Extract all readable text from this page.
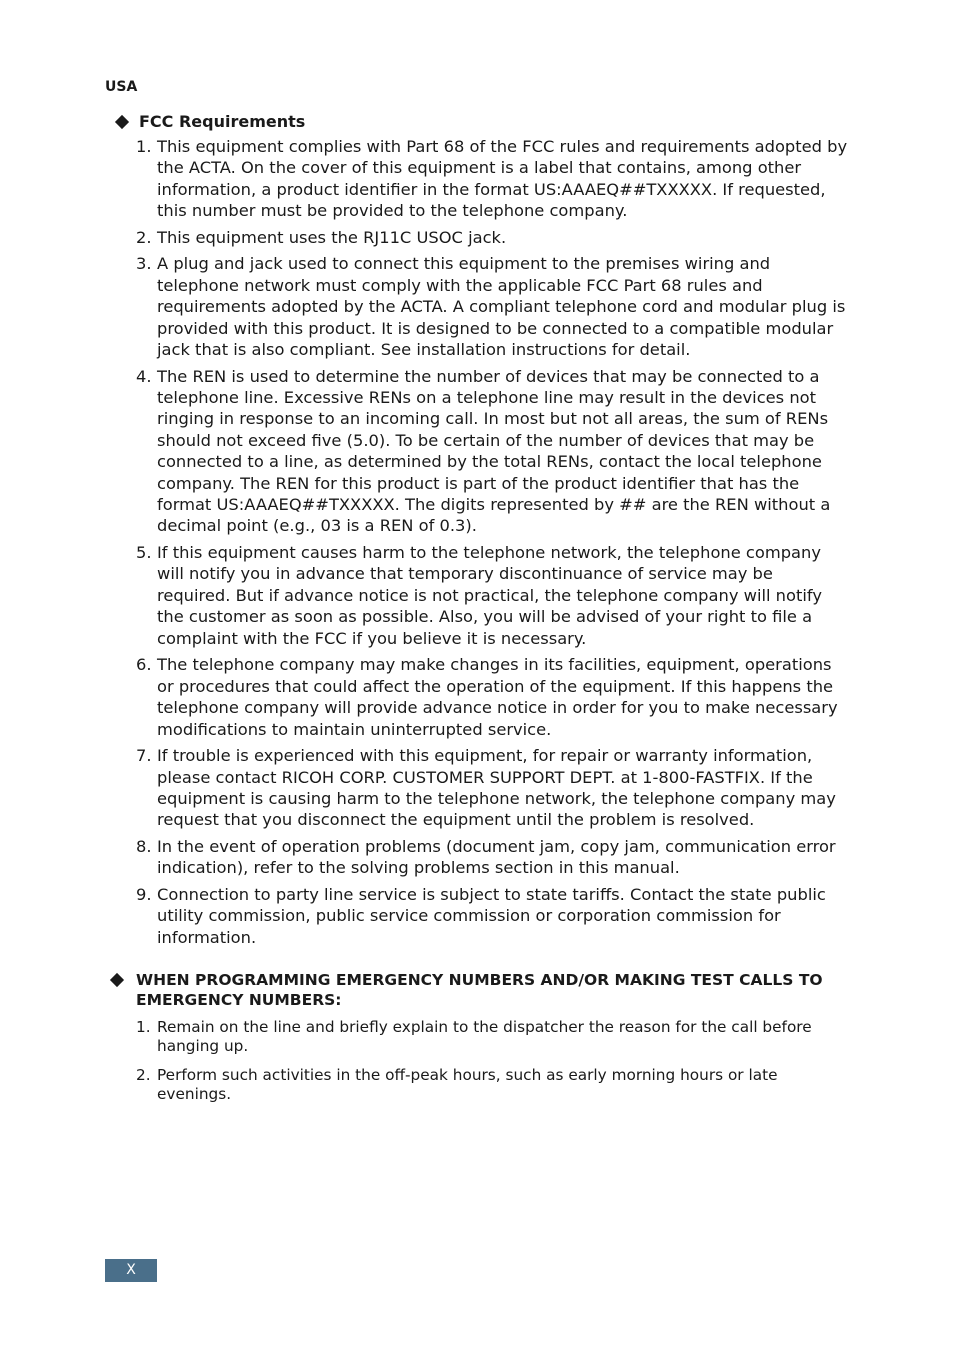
USA
FCC Requirements
1. This equipment complies with Part 68 of the FCC rules and requirements adopted by the ACTA. On the cover of this equipment is a label that contains, among other information, a product identifier in the format US:AAAEQ##TXXXXX. If requested, this number must be provided to the telephone company.
2. This equipment uses the RJ11C USOC jack.
3. A plug and jack used to connect this equipment to the premises wiring and telephone network must comply with the applicable FCC Part 68 rules and requirements adopted by the ACTA. A compliant telephone cord and modular plug is provided with this product. It is designed to be connected to a compatible modular jack that is also compliant. See installation instructions for detail.
4. The REN is used to determine the number of devices that may be connected to a telephone line. Excessive RENs on a telephone line may result in the devices not ringing in response to an incoming call. In most but not all areas, the sum of RENs should not exceed five (5.0). To be certain of the number of devices that may be connected to a line, as determined by the total RENs, contact the local telephone company. The REN for this product is part of the product identifier that has the format US:AAAEQ##TXXXXX. The digits represented by ## are the REN without a decimal point (e.g., 03 is a REN of 0.3).
5. If this equipment causes harm to the telephone network, the telephone company will notify you in advance that temporary discontinuance of service may be required. But if advance notice is not practical, the telephone company will notify the customer as soon as possible. Also, you will be advised of your right to file a complaint with the FCC if you believe it is necessary.
6. The telephone company may make changes in its facilities, equipment, operations or procedures that could affect the operation of the equipment. If this happens the telephone company will provide advance notice in order for you to make necessary modifications to maintain uninterrupted service.
7. If trouble is experienced with this equipment, for repair or warranty information, please contact RICOH CORP. CUSTOMER SUPPORT DEPT. at 1-800-FASTFIX. If the equipment is causing harm to the telephone network, the telephone company may request that you disconnect the equipment until the problem is resolved.
8. In the event of operation problems (document jam, copy jam, communication error indication), refer to the solving problems section in this manual.
9. Connection to party line service is subject to state tariffs. Contact the state public utility commission, public service commission or corporation commission for information.
WHEN PROGRAMMING EMERGENCY NUMBERS AND/OR MAKING TEST CALLS TO EMERGENCY NUMBERS:
1. Remain on the line and briefly explain to the dispatcher the reason for the call before hanging up.
2. Perform such activities in the off-peak hours, such as early morning hours or late evenings.
X
